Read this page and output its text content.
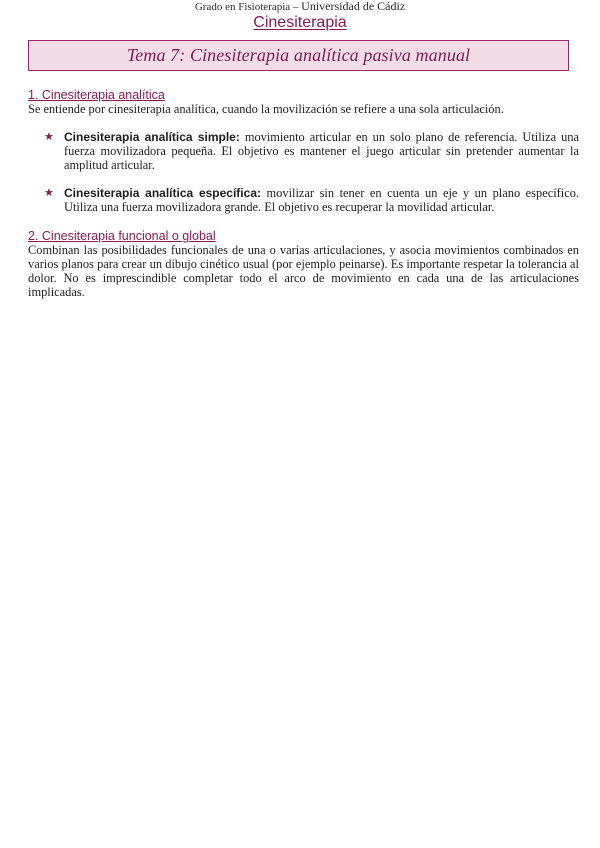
Grado en Fisioterapia – Universidad de Cádiz
Cinesiterapia
Tema 7: Cinesiterapia analítica pasiva manual
1. Cinesiterapia analítica
Se entiende por cinesiterapia analítica, cuando la movilización se refiere a una sola articulación.
★ Cinesiterapia analítica simple: movimiento articular en un solo plano de referencia. Utiliza una fuerza movilizadora pequeña. El objetivo es mantener el juego articular sin pretender aumentar la amplitud articular.
★ Cinesiterapia analítica específica: movilizar sin tener en cuenta un eje y un plano específico. Utiliza una fuerza movilizadora grande. El objetivo es recuperar la movilidad articular.
2. Cinesiterapia funcional o global
Combinan las posibilidades funcionales de una o varias articulaciones, y asocia movimientos combinados en varios planos para crear un dibujo cinético usual (por ejemplo peinarse). Es importante respetar la tolerancia al dolor. No es imprescindible completar todo el arco de movimiento en cada una de las articulaciones implicadas.
